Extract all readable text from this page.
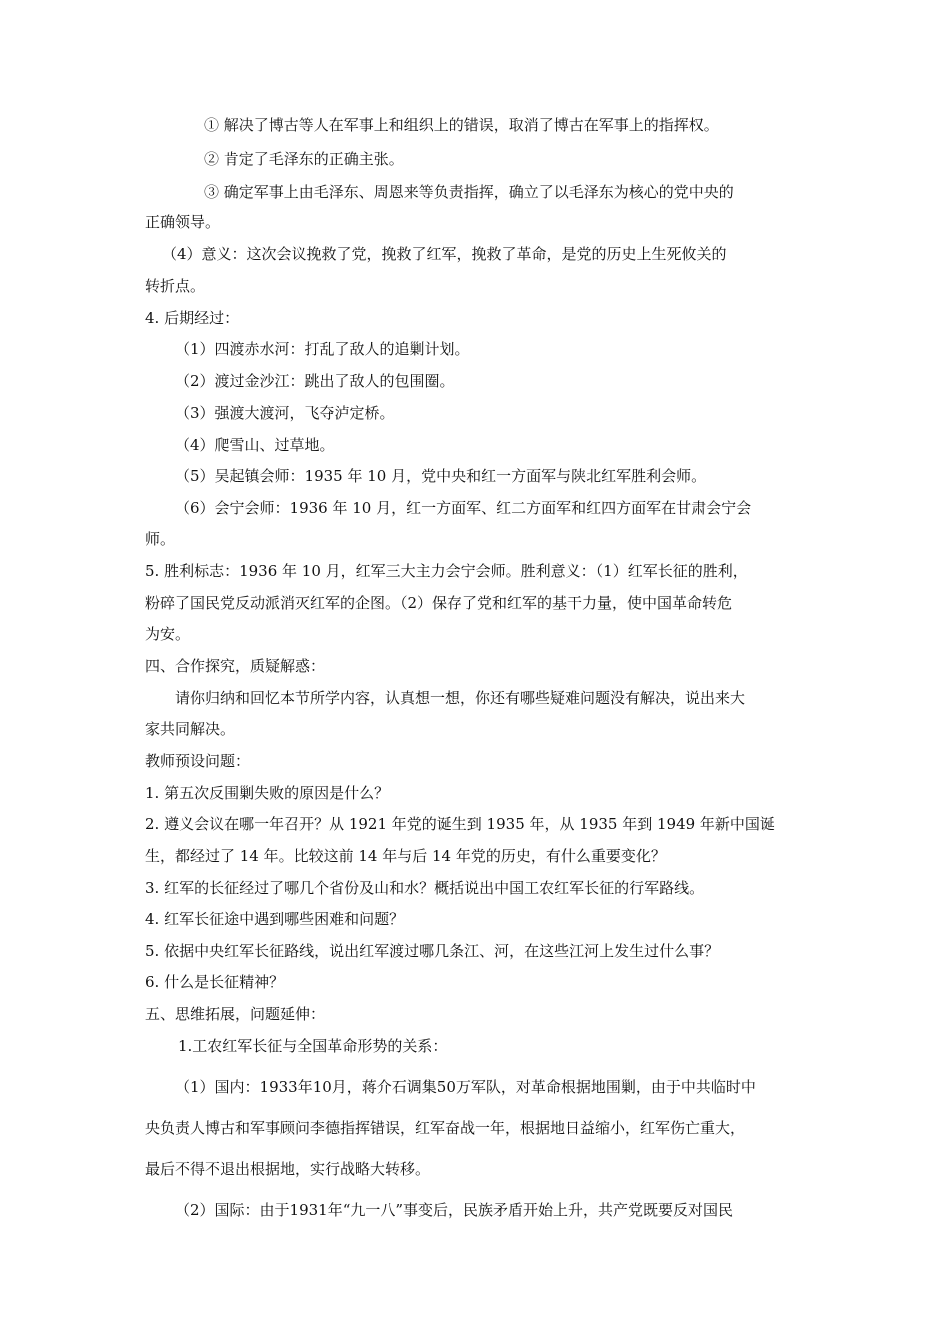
① 解决了博古等人在军事上和组织上的错误，取消了博古在军事上的指挥权。
② 肯定了毛泽东的正确主张。
③ 确定军事上由毛泽东、周恩来等负责指挥，确立了以毛泽东为核心的党中央的
正确领导。
（4）意义：这次会议挽救了党，挽救了红军，挽救了革命，是党的历史上生死攸关的
转折点。
4. 后期经过：
（1）四渡赤水河：打乱了敌人的追剿计划。
（2）渡过金沙江：跳出了敌人的包围圈。
（3）强渡大渡河，飞夺泸定桥。
（4）爬雪山、过草地。
（5）吴起镇会师：1935 年 10 月，党中央和红一方面军与陕北红军胜利会师。
（6）会宁会师：1936 年 10 月，红一方面军、红二方面军和红四方面军在甘肃会宁会
师。
5. 胜利标志：1936 年 10 月，红军三大主力会宁会师。胜利意义：（1）红军长征的胜利，
粉碎了国民党反动派消灭红军的企图。（2）保存了党和红军的基干力量，使中国革命转危
为安。
四、合作探究，质疑解惑：
请你归纳和回忆本节所学内容，认真想一想，你还有哪些疑难问题没有解决，说出来大
家共同解决。
教师预设问题：
1. 第五次反围剿失败的原因是什么？
2. 遵义会议在哪一年召开？从 1921 年党的诞生到 1935 年，从 1935 年到 1949 年新中国诞
生，都经过了 14 年。比较这前 14 年与后 14 年党的历史，有什么重要变化？
3. 红军的长征经过了哪几个省份及山和水？概括说出中国工农红军长征的行军路线。
4. 红军长征途中遇到哪些困难和问题？
5. 依据中央红军长征路线，说出红军渡过哪几条江、河，在这些江河上发生过什么事？
6. 什么是长征精神？
五、思维拓展，问题延伸：
1.工农红军长征与全国革命形势的关系：
（1）国内：1933年10月，蒋介石调集50万军队，对革命根据地围剿，由于中共临时中
央负责人博古和军事顾问李德指挥错误，红军奋战一年，根据地日益缩小，红军伤亡重大，
最后不得不退出根据地，实行战略大转移。
（2）国际：由于1931年“九一八”事变后，民族矛盾开始上升，共产党既要反对国民
